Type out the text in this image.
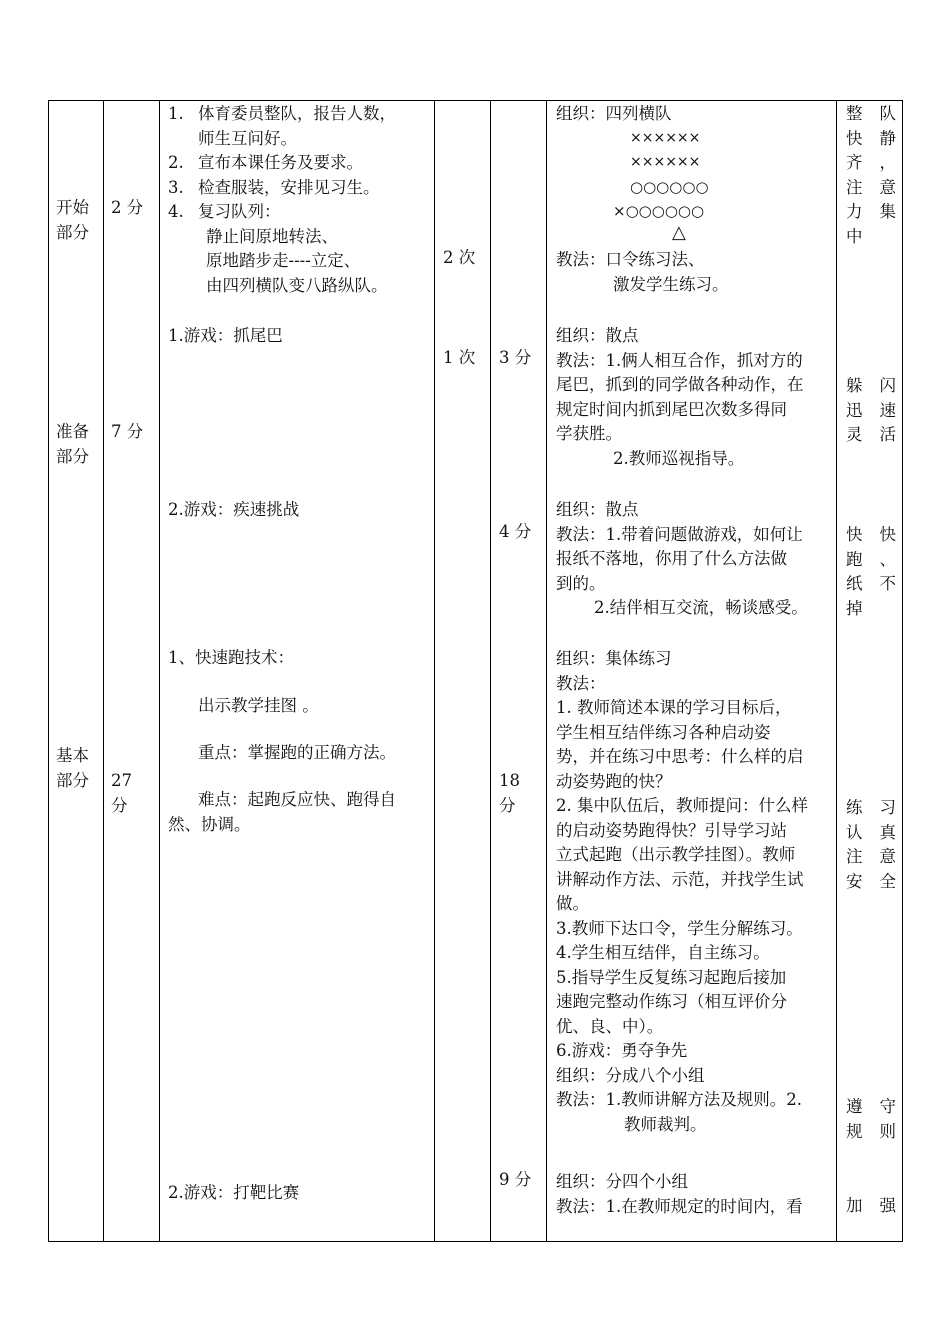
开始
部分
准备
部分
基本
部分
2 分
7 分
27
分
1. 体育委员整队，报告人数，
师生互问好。
2. 宣布本课任务及要求。
3. 检查服装，安排见习生。
4. 复习队列：
静止间原地转法、
原地踏步走----立定、
由四列横队变八路纵队。
1.游戏：抓尾巴
2.游戏：疾速挑战
1、快速跑技术：
出示教学挂图 。
重点：掌握跑的正确方法。
难点：起跑反应快、跑得自
然、协调。
2.游戏：打靶比赛
2 次
1 次 3 分
4 分
18
分
9 分
组织：四列横队
××××××
××××××
○○○○○○
×○○○○○○
△
教法：口令练习法、
激发学生练习。
组织：散点
教法：1.俩人相互合作，抓对方的
尾巴，抓到的同学做各种动作，在
规定时间内抓到尾巴次数多得同
学获胜。
2.教师巡视指导。
组织：散点
教法：1.带着问题做游戏，如何让
报纸不落地，你用了什么方法做
到的。
2.结伴相互交流，畅谈感受。
组织：集体练习
教法：
1. 教师简述本课的学习目标后，
学生相互结伴练习各种启动姿
势，并在练习中思考：什么样的启
动姿势跑的快？
2. 集中队伍后，教师提问：什么样
的启动姿势跑得快？引导学习站
立式起跑（出示教学挂图）。教师
讲解动作方法、示范，并找学生试
做。
3.教师下达口令，学生分解练习。
4.学生相互结伴，自主练习。
5.指导学生反复练习起跑后接加
速跑完整动作练习（相互评价分
优、良、中）。
6.游戏：勇夺争先
组织：分成八个小组
教法：1.教师讲解方法及规则。2.
教师裁判。
组织：分四个小组
教法：1.在教师规定的时间内，看
整 队
快 静
齐 ，
注 意
力 集
中
躲 闪
迅 速
灵 活
快 快
跑 、
纸 不
掉
练 习
认 真
注 意
安 全
遵 守
规 则
加 强
